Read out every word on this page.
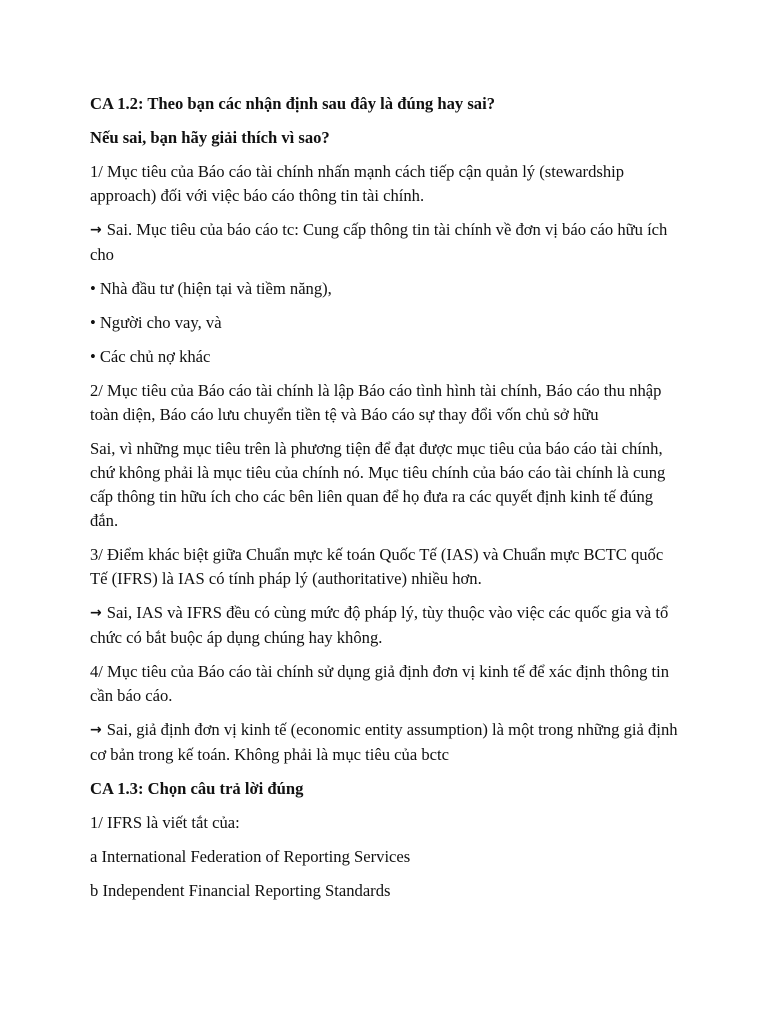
CA 1.2: Theo bạn các nhận định sau đây là đúng hay sai?

Nếu sai, bạn hãy giải thích vì sao?

1/ Mục tiêu của Báo cáo tài chính nhấn mạnh cách tiếp cận quản lý (stewardship approach) đối với việc báo cáo thông tin tài chính.

→ Sai. Mục tiêu của báo cáo tc: Cung cấp thông tin tài chính về đơn vị báo cáo hữu ích cho

• Nhà đầu tư (hiện tại và tiềm năng),

• Người cho vay, và

• Các chủ nợ khác

2/ Mục tiêu của Báo cáo tài chính là lập Báo cáo tình hình tài chính, Báo cáo thu nhập toàn diện, Báo cáo lưu chuyển tiền tệ và Báo cáo sự thay đổi vốn chủ sở hữu

Sai, vì những mục tiêu trên là phương tiện để đạt được mục tiêu của báo cáo tài chính, chứ không phải là mục tiêu của chính nó. Mục tiêu chính của báo cáo tài chính là cung cấp thông tin hữu ích cho các bên liên quan để họ đưa ra các quyết định kinh tế đúng đắn.

3/ Điểm khác biệt giữa Chuẩn mực kế toán Quốc Tế (IAS) và Chuẩn mực BCTC quốc Tế (IFRS) là IAS có tính pháp lý (authoritative) nhiều hơn.

→ Sai, IAS và IFRS đều có cùng mức độ pháp lý, tùy thuộc vào việc các quốc gia và tổ chức có bắt buộc áp dụng chúng hay không.

4/ Mục tiêu của Báo cáo tài chính sử dụng giả định đơn vị kinh tế để xác định thông tin cần báo cáo.

→ Sai, giả định đơn vị kinh tế (economic entity assumption) là một trong những giả định cơ bản trong kế toán. Không phải là mục tiêu của bctc

CA 1.3: Chọn câu trả lời đúng

1/ IFRS là viết tắt của:

a International Federation of Reporting Services

b Independent Financial Reporting Standards
